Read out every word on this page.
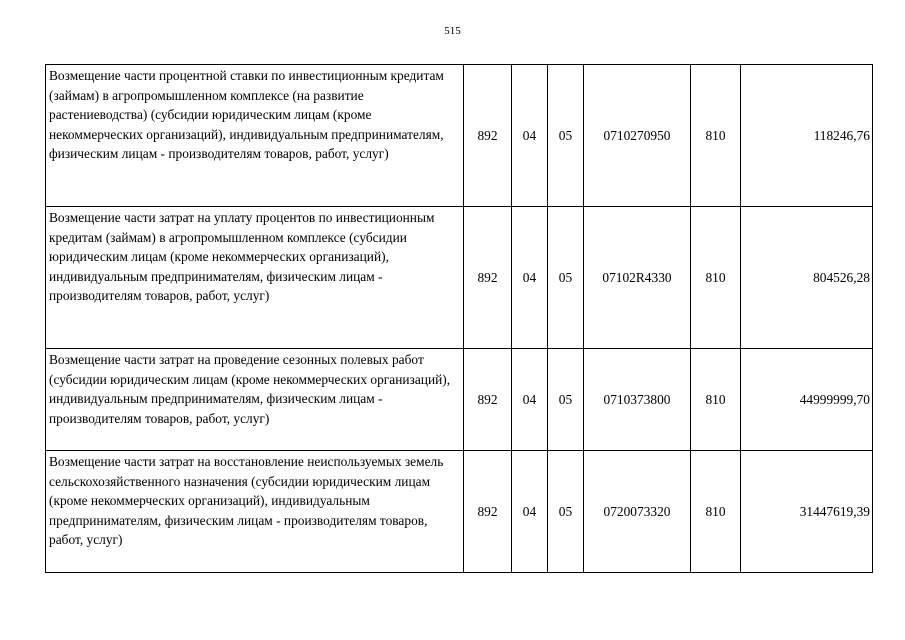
515
Возмещение части процентной ставки по инвестиционным кредитам (займам) в агропромышленном комплексе (на развитие растениеводства) (субсидии юридическим лицам (кроме некоммерческих организаций), индивидуальным предпринимателям, физическим лицам - производителям товаров, работ, услуг)	892	04	05	0710270950	810	118246,76
Возмещение части затрат на уплату процентов по инвестиционным кредитам (займам) в агропромышленном комплексе (субсидии юридическим лицам (кроме некоммерческих организаций), индивидуальным предпринимателям, физическим лицам - производителям товаров, работ, услуг)	892	04	05	07102R4330	810	804526,28
Возмещение части затрат на проведение сезонных полевых работ (субсидии юридическим лицам (кроме некоммерческих организаций), индивидуальным предпринимателям, физическим лицам - производителям товаров, работ, услуг)	892	04	05	0710373800	810	44999999,70
Возмещение части затрат на восстановление неиспользуемых земель сельскохозяйственного назначения (субсидии юридическим лицам (кроме некоммерческих организаций), индивидуальным предпринимателям, физическим лицам - производителям товаров, работ, услуг)	892	04	05	0720073320	810	31447619,39
